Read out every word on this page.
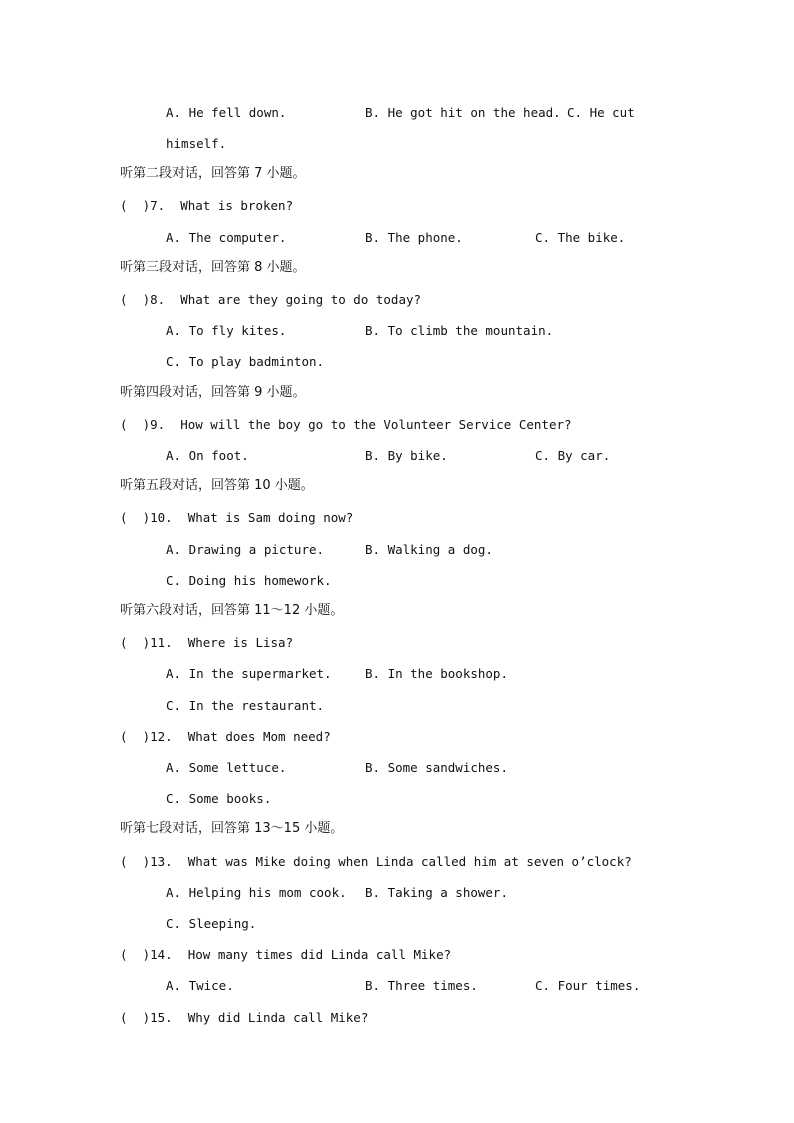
A. He fell down.	B. He got hit on the head. C. He cut
himself.
听第二段对话，回答第 7 小题。
(  )7.  What is broken?
A. The computer.	B. The phone.	C. The bike.
听第三段对话，回答第 8 小题。
(  )8.  What are they going to do today?
A. To fly kites.	B. To climb the mountain.
C. To play badminton.
听第四段对话，回答第 9 小题。
(  )9.  How will the boy go to the Volunteer Service Center?
A. On foot.	B. By bike.	C. By car.
听第五段对话，回答第 10 小题。
(  )10.  What is Sam doing now?
A. Drawing a picture.	B. Walking a dog.
C. Doing his homework.
听第六段对话，回答第 11～12 小题。
(  )11.  Where is Lisa?
A. In the supermarket.	B. In the bookshop.
C. In the restaurant.
(  )12.  What does Mom need?
A. Some lettuce.	B. Some sandwiches.
C. Some books.
听第七段对话，回答第 13～15 小题。
(  )13.  What was Mike doing when Linda called him at seven o’clock?
A. Helping his mom cook. B. Taking a shower.
C. Sleeping.
(  )14.  How many times did Linda call Mike?
A. Twice.	B. Three times.	C. Four times.
(  )15.  Why did Linda call Mike?
